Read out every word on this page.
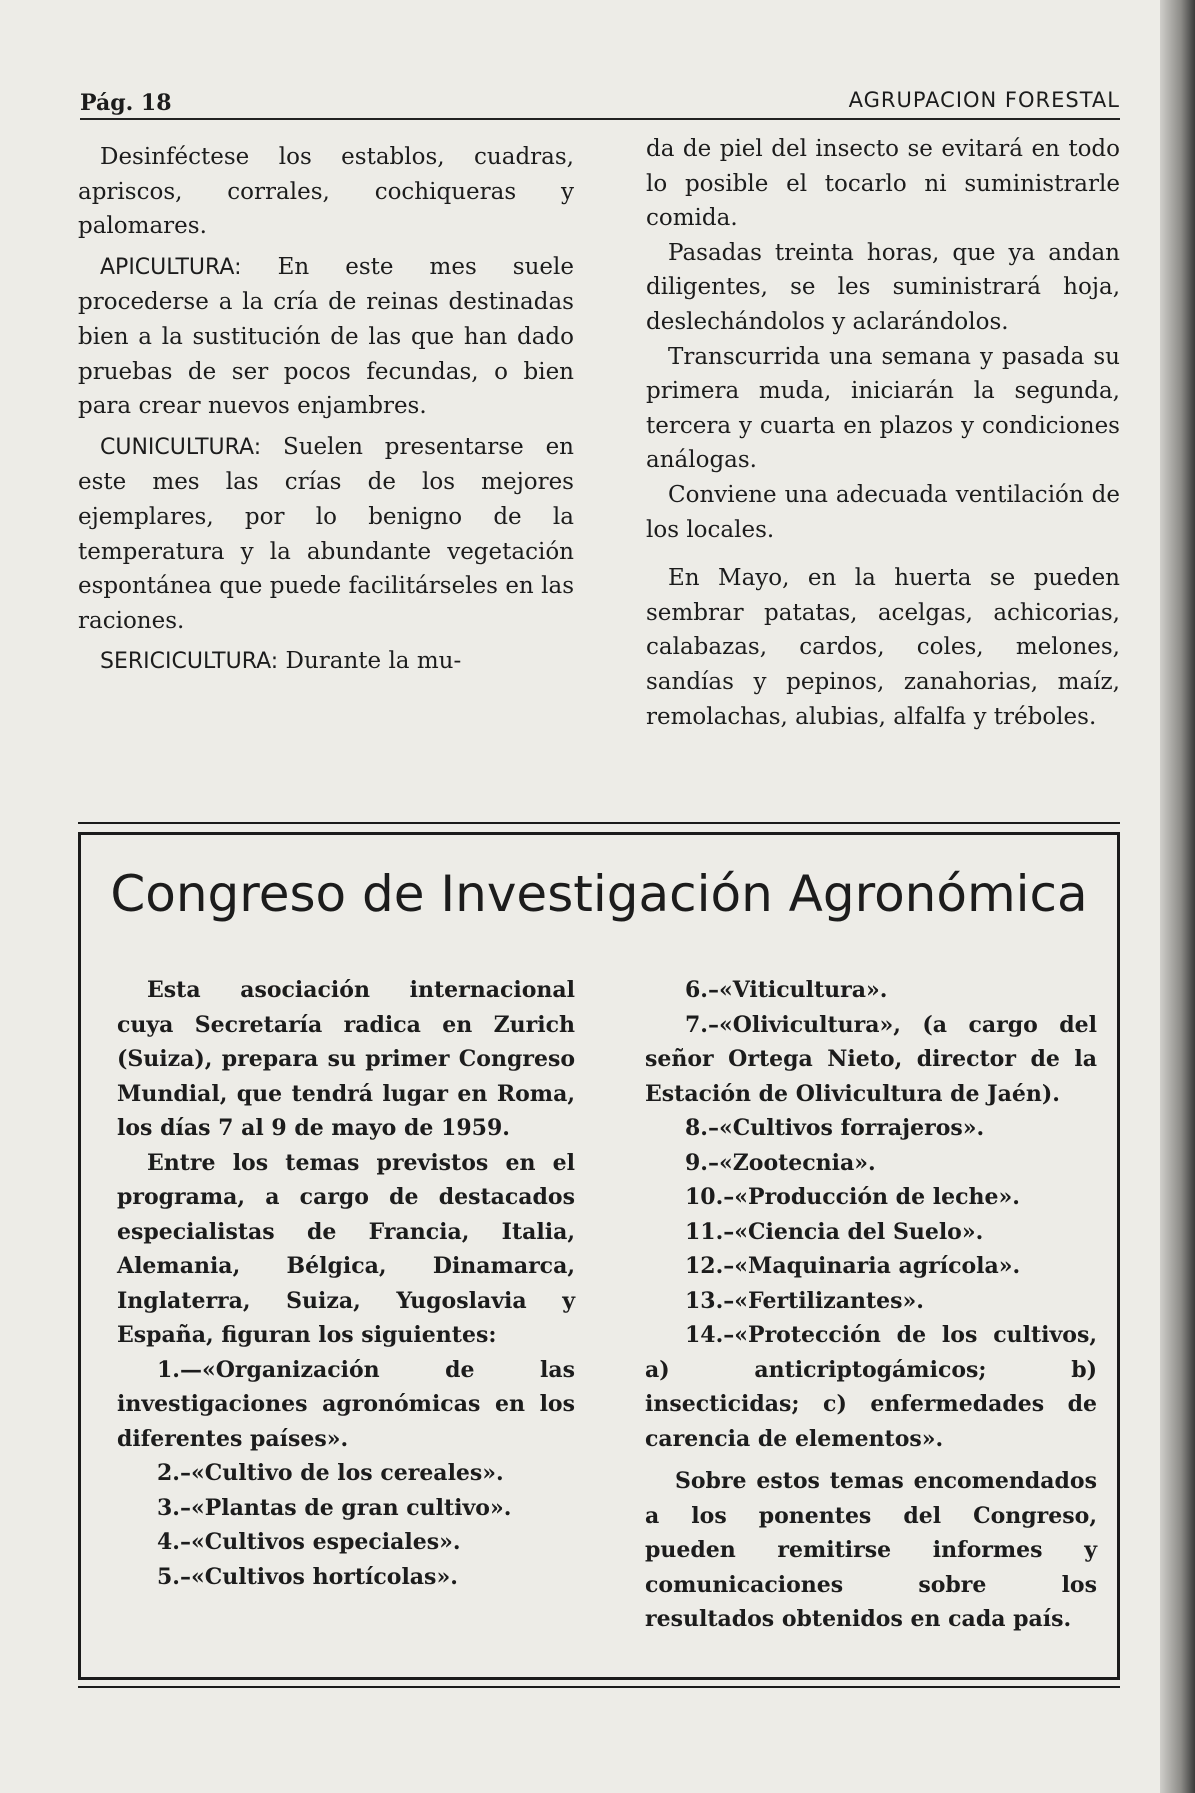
Pág. 18	AGRUPACION FORESTAL

Desinféctese los establos, cuadras, apriscos, corrales, cochiqueras y palomares.

APICULTURA: En este mes suele procederse a la cría de reinas destinadas bien a la sustitución de las que han dado pruebas de ser pocos fecundas, o bien para crear nuevos enjambres.

CUNICULTURA: Suelen presentarse en este mes las crías de los mejores ejemplares, por lo benigno de la temperatura y la abundante vegetación espontánea que puede facilitárseles en las raciones.

SERICICULTURA: Durante la mu-

da de piel del insecto se evitará en todo lo posible el tocarlo ni suministrarle comida.

Pasadas treinta horas, que ya andan diligentes, se les suministrará hoja, deslechándolos y aclarándolos.

Transcurrida una semana y pasada su primera muda, iniciarán la segunda, tercera y cuarta en plazos y condiciones análogas.

Conviene una adecuada ventilación de los locales.

En Mayo, en la huerta se pueden sembrar patatas, acelgas, achicorias, calabazas, cardos, coles, melones, sandías y pepinos, zanahorias, maíz, remolachas, alubias, alfalfa y tréboles.

Congreso de Investigación Agronómica

Esta asociación internacional cuya Secretaría radica en Zurich (Suiza), prepara su primer Congreso Mundial, que tendrá lugar en Roma, los días 7 al 9 de mayo de 1959.

Entre los temas previstos en el programa, a cargo de destacados especialistas de Francia, Italia, Alemania, Bélgica, Dinamarca, Inglaterra, Suiza, Yugoslavia y España, figuran los siguientes:

1.—«Organización de las investigaciones agronómicas en los diferentes países».

2.–«Cultivo de los cereales».

3.–«Plantas de gran cultivo».

4.–«Cultivos especiales».

5.–«Cultivos hortícolas».

6.–«Viticultura».

7.–«Olivicultura», (a cargo del señor Ortega Nieto, director de la Estación de Olivicultura de Jaén).

8.–«Cultivos forrajeros».

9.–«Zootecnia».

10.–«Producción de leche».

11.–«Ciencia del Suelo».

12.–«Maquinaria agrícola».

13.–«Fertilizantes».

14.–«Protección de los cultivos, a) anticriptogámicos; b) insecticidas; c) enfermedades de carencia de elementos».

Sobre estos temas encomendados a los ponentes del Congreso, pueden remitirse informes y comunicaciones sobre los resultados obtenidos en cada país.
